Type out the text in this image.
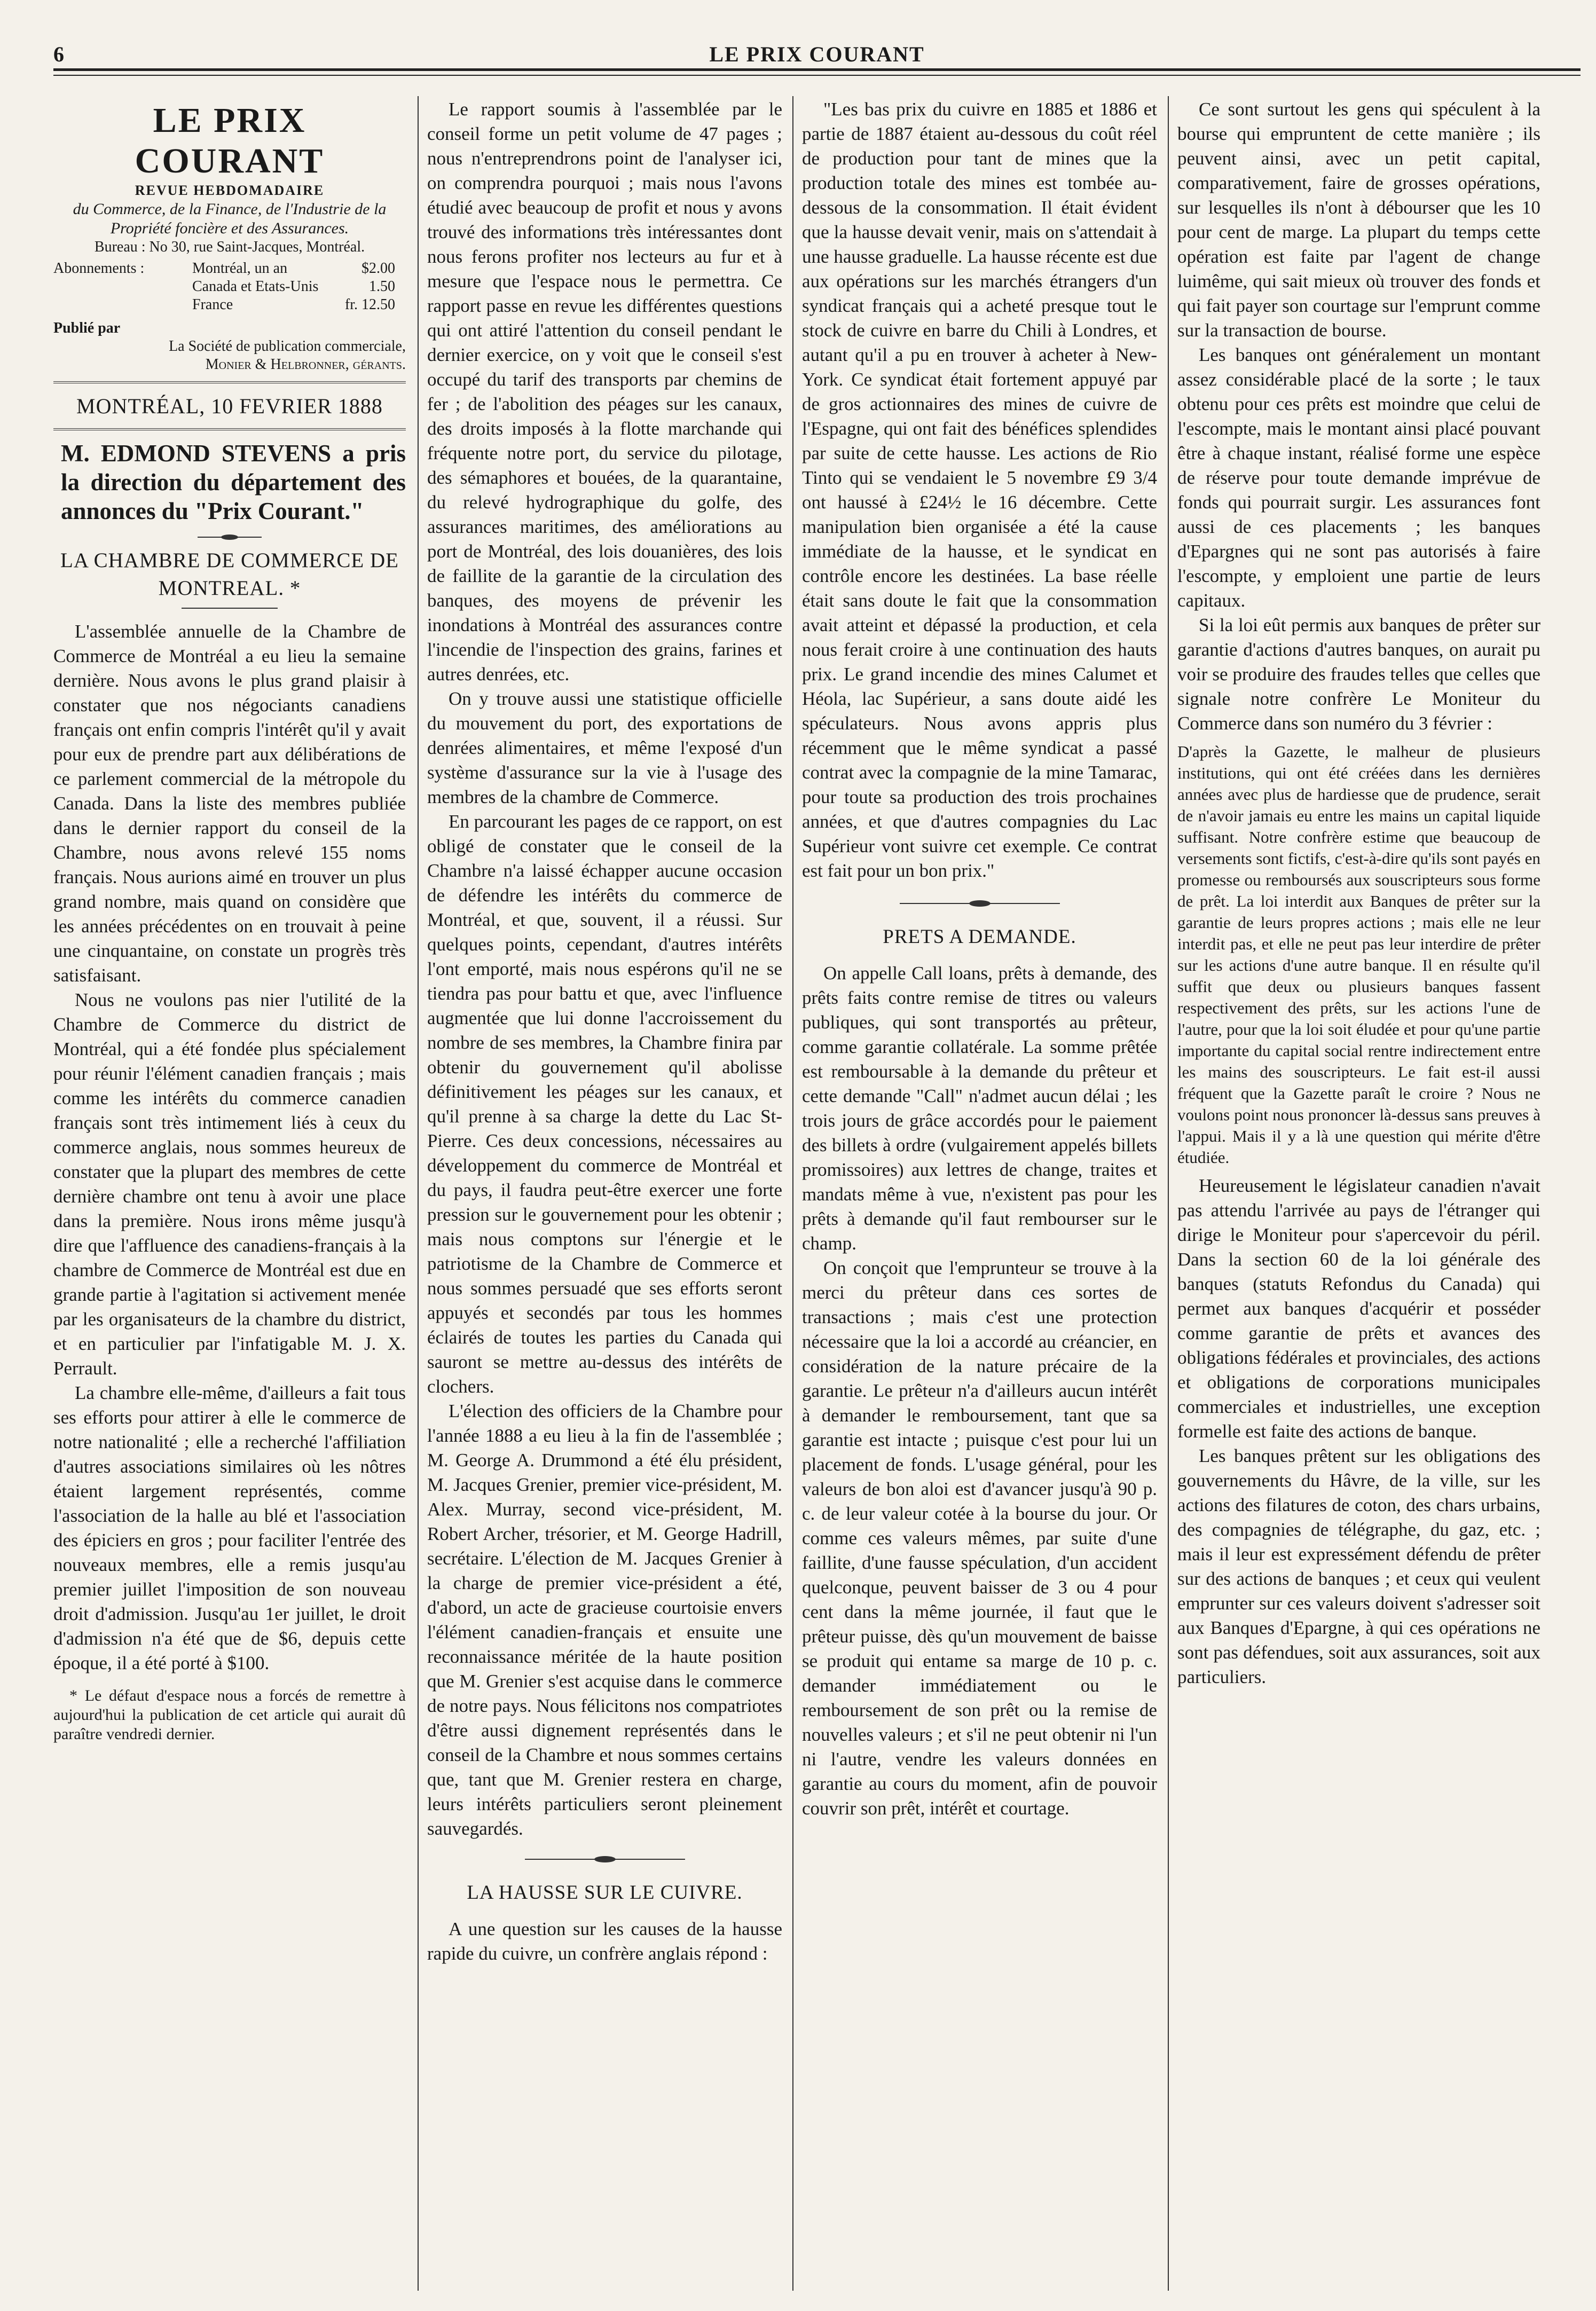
6	LE PRIX COURANT
LE PRIX COURANT
REVUE HEBDOMADAIRE
du Commerce, de la Finance, de l'Industrie de la Propriété foncière et des Assurances.
Bureau : No 30, rue Saint-Jacques, Montréal.
Abonnements :	Montréal, un an	$2.00
Canada et Etats-Unis	1.50
France	fr. 12.50
Publié par
La Société de publication commerciale,
Monier & Helbronner, gérants.
MONTRÉAL, 10 FEVRIER 1888
M. EDMOND STEVENS a pris la direction du département des annonces du "Prix Courant."
LA CHAMBRE DE COMMERCE DE MONTREAL. *

L'assemblée annuelle de la Chambre de Commerce de Montréal a eu lieu la semaine dernière. Nous avons le plus grand plaisir à constater que nos négociants canadiens français ont enfin compris l'intérêt qu'il y avait pour eux de prendre part aux délibérations de ce parlement commercial de la métropole du Canada. Dans la liste des membres publiée dans le dernier rapport du conseil de la Chambre, nous avons relevé 155 noms français. Nous aurions aimé en trouver un plus grand nombre, mais quand on considère que les années précédentes on en trouvait à peine une cinquantaine, on constate un progrès très satisfaisant.

Nous ne voulons pas nier l'utilité de la Chambre de Commerce du district de Montréal, qui a été fondée plus spécialement pour réunir l'élément canadien français ; mais comme les intérêts du commerce canadien français sont très intimement liés à ceux du commerce anglais, nous sommes heureux de constater que la plupart des membres de cette dernière chambre ont tenu à avoir une place dans la première. Nous irons même jusqu'à dire que l'affluence des canadiens-français à la chambre de Commerce de Montréal est due en grande partie à l'agitation si activement menée par les organisateurs de la chambre du district, et en particulier par l'infatigable M. J. X. Perrault.

La chambre elle-même, d'ailleurs a fait tous ses efforts pour attirer à elle le commerce de notre nationalité ; elle a recherché l'affiliation d'autres associations similaires où les nôtres étaient largement représentés, comme l'association de la halle au blé et l'association des épiciers en gros ; pour faciliter l'entrée des nouveaux membres, elle a remis jusqu'au premier juillet l'imposition de son nouveau droit d'admission. Jusqu'au 1er juillet, le droit d'admission n'a été que de $6, depuis cette époque, il a été porté à $100.

* Le défaut d'espace nous a forcés de remettre à aujourd'hui la publication de cet article qui aurait dû paraître vendredi dernier.

Le rapport soumis à l'assemblée par le conseil forme un petit volume de 47 pages ; nous n'entreprendrons point de l'analyser ici, on comprendra pourquoi ; mais nous l'avons étudié avec beaucoup de profit et nous y avons trouvé des informations très intéressantes dont nous ferons profiter nos lecteurs au fur et à mesure que l'espace nous le permettra. Ce rapport passe en revue les différentes questions qui ont attiré l'attention du conseil pendant le dernier exercice, on y voit que le conseil s'est occupé du tarif des transports par chemins de fer ; de l'abolition des péages sur les canaux, des droits imposés à la flotte marchande qui fréquente notre port, du service du pilotage, des sémaphores et bouées, de la quarantaine, du relevé hydrographique du golfe, des assurances maritimes, des améliorations au port de Montréal, des lois douanières, des lois de faillite de la garantie de la circulation des banques, des moyens de prévenir les inondations à Montréal des assurances contre l'incendie de l'inspection des grains, farines et autres denrées, etc.

On y trouve aussi une statistique officielle du mouvement du port, des exportations de denrées alimentaires, et même l'exposé d'un système d'assurance sur la vie à l'usage des membres de la chambre de Commerce.

En parcourant les pages de ce rapport, on est obligé de constater que le conseil de la Chambre n'a laissé échapper aucune occasion de défendre les intérêts du commerce de Montréal, et que, souvent, il a réussi. Sur quelques points, cependant, d'autres intérêts l'ont emporté, mais nous espérons qu'il ne se tiendra pas pour battu et que, avec l'influence augmentée que lui donne l'accroissement du nombre de ses membres, la Chambre finira par obtenir du gouvernement qu'il abolisse définitivement les péages sur les canaux, et qu'il prenne à sa charge la dette du Lac St-Pierre. Ces deux concessions, nécessaires au développement du commerce de Montréal et du pays, il faudra peut-être exercer une forte pression sur le gouvernement pour les obtenir ; mais nous comptons sur l'énergie et le patriotisme de la Chambre de Commerce et nous sommes persuadé que ses efforts seront appuyés et secondés par tous les hommes éclairés de toutes les parties du Canada qui sauront se mettre au-dessus des intérêts de clochers.

L'élection des officiers de la Chambre pour l'année 1888 a eu lieu à la fin de l'assemblée ; M. George A. Drummond a été élu président, M. Jacques Grenier, premier vice-président, M. Alex. Murray, second vice-président, M. Robert Archer, trésorier, et M. George Hadrill, secrétaire. L'élection de M. Jacques Grenier à la charge de premier vice-président a été, d'abord, un acte de gracieuse courtoisie envers l'élément canadien-français et ensuite une reconnaissance méritée de la haute position que M. Grenier s'est acquise dans le commerce de notre pays. Nous félicitons nos compatriotes d'être aussi dignement représentés dans le conseil de la Chambre et nous sommes certains que, tant que M. Grenier restera en charge, leurs intérêts particuliers seront pleinement sauvegardés.

LA HAUSSE SUR LE CUIVRE.

A une question sur les causes de la hausse rapide du cuivre, un confrère anglais répond :

"Les bas prix du cuivre en 1885 et 1886 et partie de 1887 étaient au-dessous du coût réel de production pour tant de mines que la production totale des mines est tombée au-dessous de la consommation. Il était évident que la hausse devait venir, mais on s'attendait à une hausse graduelle. La hausse récente est due aux opérations sur les marchés étrangers d'un syndicat français qui a acheté presque tout le stock de cuivre en barre du Chili à Londres, et autant qu'il a pu en trouver à acheter à New-York. Ce syndicat était fortement appuyé par de gros actionnaires des mines de cuivre de l'Espagne, qui ont fait des bénéfices splendides par suite de cette hausse. Les actions de Rio Tinto qui se vendaient le 5 novembre £9 3/4 ont haussé à £24½ le 16 décembre. Cette manipulation bien organisée a été la cause immédiate de la hausse, et le syndicat en contrôle encore les destinées. La base réelle était sans doute le fait que la consommation avait atteint et dépassé la production, et cela nous ferait croire à une continuation des hauts prix. Le grand incendie des mines Calumet et Héola, lac Supérieur, a sans doute aidé les spéculateurs. Nous avons appris plus récemment que le même syndicat a passé contrat avec la compagnie de la mine Tamarac, pour toute sa production des trois prochaines années, et que d'autres compagnies du Lac Supérieur vont suivre cet exemple. Ce contrat est fait pour un bon prix."

PRETS A DEMANDE.

On appelle Call loans, prêts à demande, des prêts faits contre remise de titres ou valeurs publiques, qui sont transportés au prêteur, comme garantie collatérale. La somme prêtée est remboursable à la demande du prêteur et cette demande "Call" n'admet aucun délai ; les trois jours de grâce accordés pour le paiement des billets à ordre (vulgairement appelés billets promissoires) aux lettres de change, traites et mandats même à vue, n'existent pas pour les prêts à demande qu'il faut rembourser sur le champ.

On conçoit que l'emprunteur se trouve à la merci du prêteur dans ces sortes de transactions ; mais c'est une protection nécessaire que la loi a accordé au créancier, en considération de la nature précaire de la garantie. Le prêteur n'a d'ailleurs aucun intérêt à demander le remboursement, tant que sa garantie est intacte ; puisque c'est pour lui un placement de fonds. L'usage général, pour les valeurs de bon aloi est d'avancer jusqu'à 90 p. c. de leur valeur cotée à la bourse du jour. Or comme ces valeurs mêmes, par suite d'une faillite, d'une fausse spéculation, d'un accident quelconque, peuvent baisser de 3 ou 4 pour cent dans la même journée, il faut que le prêteur puisse, dès qu'un mouvement de baisse se produit qui entame sa marge de 10 p. c. demander immédiatement ou le remboursement de son prêt ou la remise de nouvelles valeurs ; et s'il ne peut obtenir ni l'un ni l'autre, vendre les valeurs données en garantie au cours du moment, afin de pouvoir couvrir son prêt, intérêt et courtage.

Ce sont surtout les gens qui spéculent à la bourse qui empruntent de cette manière ; ils peuvent ainsi, avec un petit capital, comparativement, faire de grosses opérations, sur lesquelles ils n'ont à débourser que les 10 pour cent de marge. La plupart du temps cette opération est faite par l'agent de change luimême, qui sait mieux où trouver des fonds et qui fait payer son courtage sur l'emprunt comme sur la transaction de bourse.

Les banques ont généralement un montant assez considérable placé de la sorte ; le taux obtenu pour ces prêts est moindre que celui de l'escompte, mais le montant ainsi placé pouvant être à chaque instant, réalisé forme une espèce de réserve pour toute demande imprévue de fonds qui pourrait surgir. Les assurances font aussi de ces placements ; les banques d'Epargnes qui ne sont pas autorisés à faire l'escompte, y emploient une partie de leurs capitaux.

Si la loi eût permis aux banques de prêter sur garantie d'actions d'autres banques, on aurait pu voir se produire des fraudes telles que celles que signale notre confrère Le Moniteur du Commerce dans son numéro du 3 février :

D'après la Gazette, le malheur de plusieurs institutions, qui ont été créées dans les dernières années avec plus de hardiesse que de prudence, serait de n'avoir jamais eu entre les mains un capital liquide suffisant. Notre confrère estime que beaucoup de versements sont fictifs, c'est-à-dire qu'ils sont payés en promesse ou remboursés aux souscripteurs sous forme de prêt. La loi interdit aux Banques de prêter sur la garantie de leurs propres actions ; mais elle ne leur interdit pas, et elle ne peut pas leur interdire de prêter sur les actions d'une autre banque. Il en résulte qu'il suffit que deux ou plusieurs banques fassent respectivement des prêts, sur les actions l'une de l'autre, pour que la loi soit éludée et pour qu'une partie importante du capital social rentre indirectement entre les mains des souscripteurs. Le fait est-il aussi fréquent que la Gazette paraît le croire ? Nous ne voulons point nous prononcer là-dessus sans preuves à l'appui. Mais il y a là une question qui mérite d'être étudiée.

Heureusement le législateur canadien n'avait pas attendu l'arrivée au pays de l'étranger qui dirige le Moniteur pour s'apercevoir du péril. Dans la section 60 de la loi générale des banques (statuts Refondus du Canada) qui permet aux banques d'acquérir et posséder comme garantie de prêts et avances des obligations fédérales et provinciales, des actions et obligations de corporations municipales commerciales et industrielles, une exception formelle est faite des actions de banque.

Les banques prêtent sur les obligations des gouvernements du Hâvre, de la ville, sur les actions des filatures de coton, des chars urbains, des compagnies de télégraphe, du gaz, etc. ; mais il leur est expressément défendu de prêter sur des actions de banques ; et ceux qui veulent emprunter sur ces valeurs doivent s'adresser soit aux Banques d'Epargne, à qui ces opérations ne sont pas défendues, soit aux assurances, soit aux particuliers.
